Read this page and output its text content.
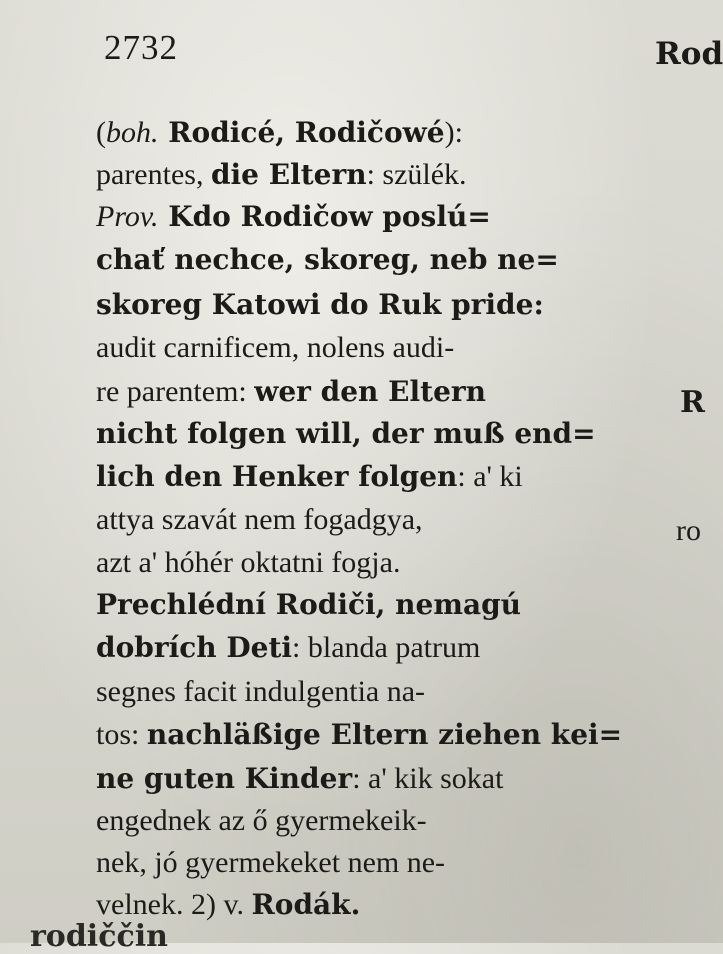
2732	Rod
(boh. Rodicé, Rodičowé):
parentes, die Eltern: szülék.
Prov. Kdo Rodičow poslú=
chať nechce, skoreg, neb ne=
skoreg Katowi do Ruk pride:
audit carnificem, nolens audi-
re parentem: wer den Eltern
nicht folgen will, der muß end=
lich den Henker folgen: a' ki
attya szavát nem fogadgya,
azt a' hóhér oktatni fogja.
Prechlédní Rodiči, nemagú
dobrích Deti: blanda patrum
segnes facit indulgentia na-
tos: nachläßige Eltern ziehen kei=
ne guten Kinder: a' kik sokat
engednek az ő gyermekeik-
nek, jó gyermekeket nem ne-
velnek. 2) v. Rodák.
R
ro
rodiččin
